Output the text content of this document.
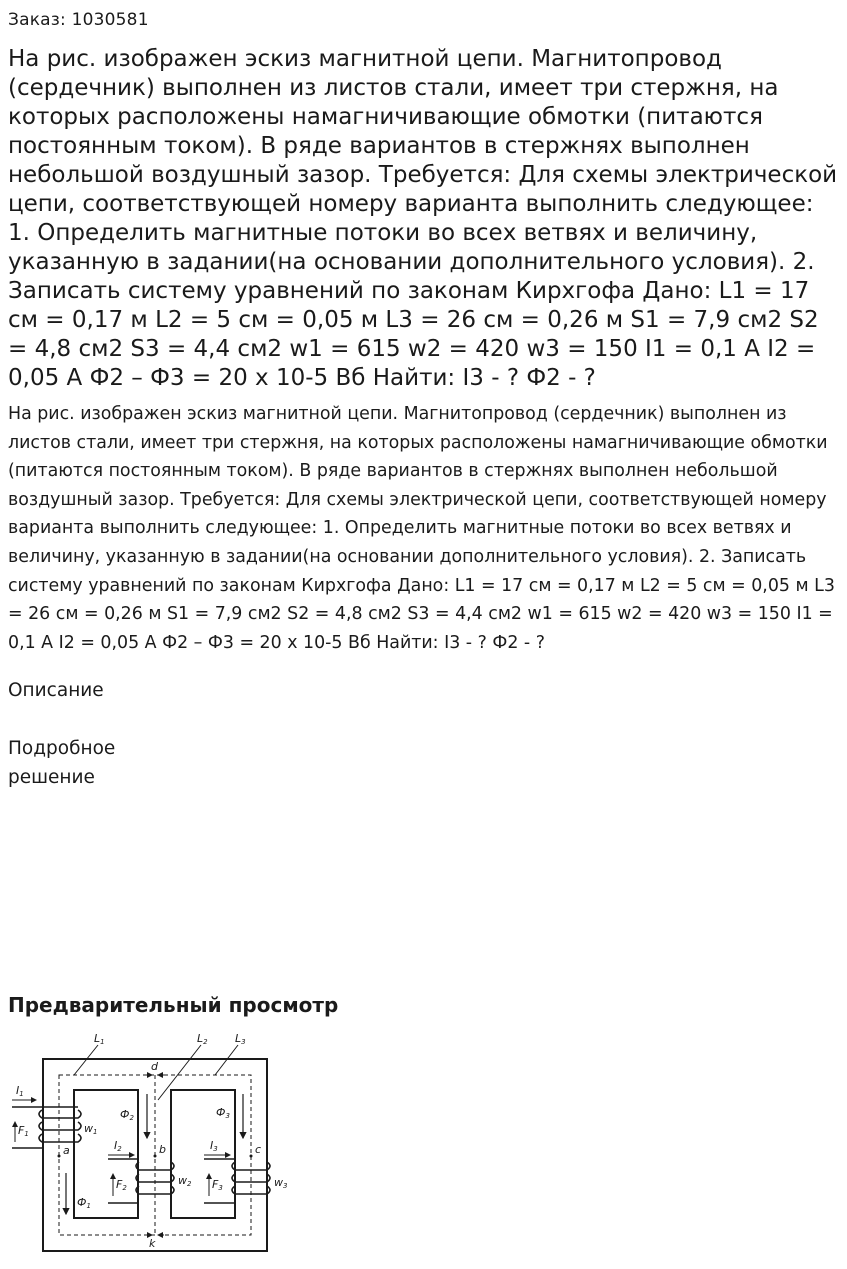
Заказ: 1030581
На рис. изображен эскиз магнитной цепи. Магнитопровод (сердечник) выполнен из листов стали, имеет три стержня, на которых расположены намагничивающие обмотки (питаются постоянным током). В ряде вариантов в стержнях выполнен небольшой воздушный зазор. Требуется: Для схемы электрической цепи, соответствующей номеру варианта выполнить следующее: 1. Определить магнитные потоки во всех ветвях и величину, указанную в задании(на основании дополнительного условия). 2. Записать систему уравнений по законам Кирхгофа Дано: L1 = 17 см = 0,17 м L2 = 5 см = 0,05 м L3 = 26 см = 0,26 м S1 = 7,9 см2 S2 = 4,8 см2 S3 = 4,4 см2 w1 = 615 w2 = 420 w3 = 150 I1 = 0,1 A I2 = 0,05 A Ф2 – Ф3 = 20 х 10-5 Вб Найти: I3 - ? Ф2 - ?

На рис. изображен эскиз магнитной цепи. Магнитопровод (сердечник) выполнен из листов стали, имеет три стержня, на которых расположены намагничивающие обмотки (питаются постоянным током). В ряде вариантов в стержнях выполнен небольшой воздушный зазор. Требуется: Для схемы электрической цепи, соответствующей номеру варианта выполнить следующее: 1. Определить магнитные потоки во всех ветвях и величину, указанную в задании(на основании дополнительного условия). 2. Записать систему уравнений по законам Кирхгофа Дано: L1 = 17 см = 0,17 м L2 = 5 см = 0,05 м L3 = 26 см = 0,26 м S1 = 7,9 см2 S2 = 4,8 см2 S3 = 4,4 см2 w1 = 615 w2 = 420 w3 = 150 I1 = 0,1 A I2 = 0,05 A Ф2 – Ф3 = 20 х 10-5 Вб Найти: I3 - ? Ф2 - ?

Описание
Подробное решение
Предварительный просмотр
L1	L2 L3
d
k
a	b	c
I1
F1	w1
Ф1
Ф2	Ф3
I2
F2
w2
I3
F3	w3
